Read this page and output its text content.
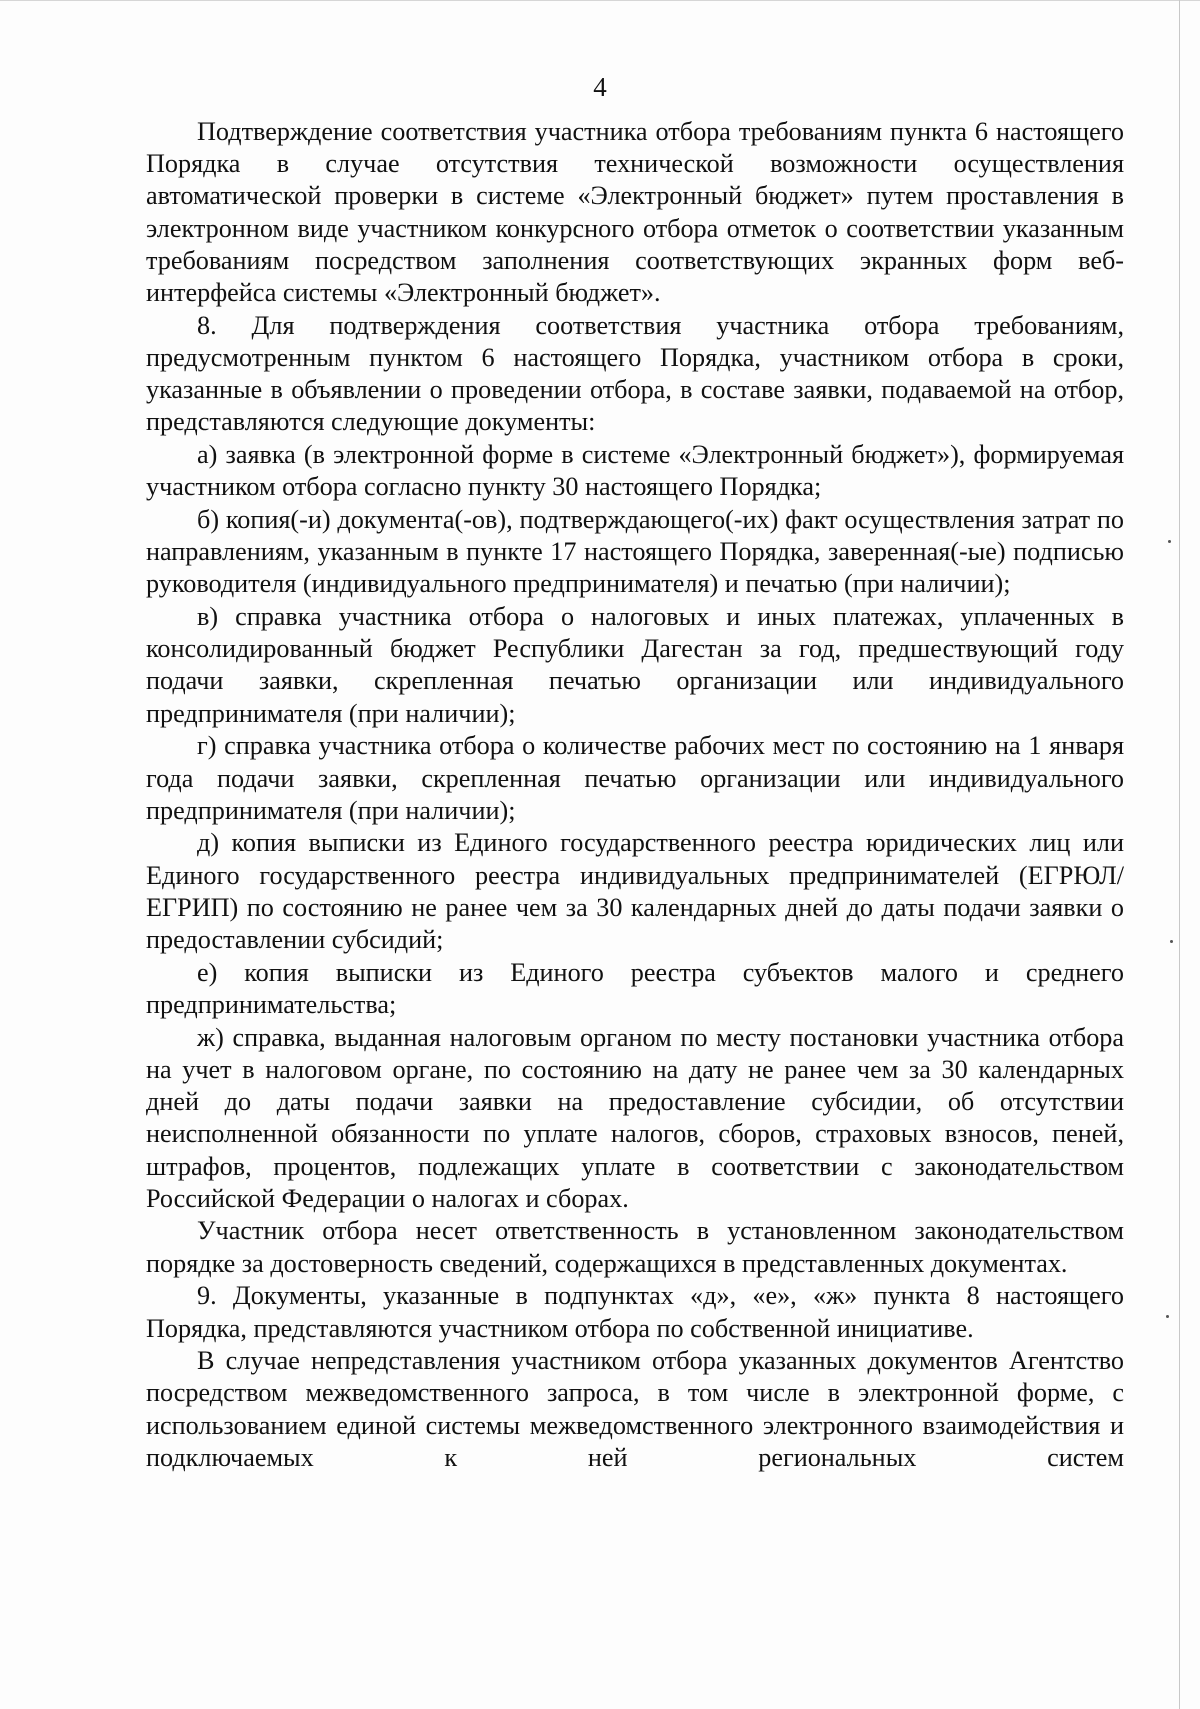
4

Подтверждение соответствия участника отбора требованиям пункта 6 настоящего Порядка в случае отсутствия технической возможности осуществления автоматической проверки в системе «Электронный бюджет» путем проставления в электронном виде участником конкурсного отбора отметок о соответствии указанным требованиям посредством заполнения соответствующих экранных форм веб-интерфейса системы «Электронный бюджет».

8. Для подтверждения соответствия участника отбора требованиям, предусмотренным пунктом 6 настоящего Порядка, участником отбора в сроки, указанные в объявлении о проведении отбора, в составе заявки, подаваемой на отбор, представляются следующие документы:

а) заявка (в электронной форме в системе «Электронный бюджет»), формируемая участником отбора согласно пункту 30 настоящего Порядка;

б) копия(-и) документа(-ов), подтверждающего(-их) факт осуществления затрат по направлениям, указанным в пункте 17 настоящего Порядка, заверенная(-ые) подписью руководителя (индивидуального предпринимателя) и печатью (при наличии);

в) справка участника отбора о налоговых и иных платежах, уплаченных в консолидированный бюджет Республики Дагестан за год, предшествующий году подачи заявки, скрепленная печатью организации или индивидуального предпринимателя (при наличии);

г) справка участника отбора о количестве рабочих мест по состоянию на 1 января года подачи заявки, скрепленная печатью организации или индивидуального предпринимателя (при наличии);

д) копия выписки из Единого государственного реестра юридических лиц или Единого государственного реестра индивидуальных предпринимателей (ЕГРЮЛ/ЕГРИП) по состоянию не ранее чем за 30 календарных дней до даты подачи заявки о предоставлении субсидий;

е) копия выписки из Единого реестра субъектов малого и среднего предпринимательства;

ж) справка, выданная налоговым органом по месту постановки участника отбора на учет в налоговом органе, по состоянию на дату не ранее чем за 30 календарных дней до даты подачи заявки на предоставление субсидии, об отсутствии неисполненной обязанности по уплате налогов, сборов, страховых взносов, пеней, штрафов, процентов, подлежащих уплате в соответствии с законодательством Российской Федерации о налогах и сборах.

Участник отбора несет ответственность в установленном законодательством порядке за достоверность сведений, содержащихся в представленных документах.

9. Документы, указанные в подпунктах «д», «е», «ж» пункта 8 настоящего Порядка, представляются участником отбора по собственной инициативе.

В случае непредставления участником отбора указанных документов Агентство посредством межведомственного запроса, в том числе в электронной форме, с использованием единой системы межведомственного электронного взаимодействия и подключаемых к ней региональных систем
